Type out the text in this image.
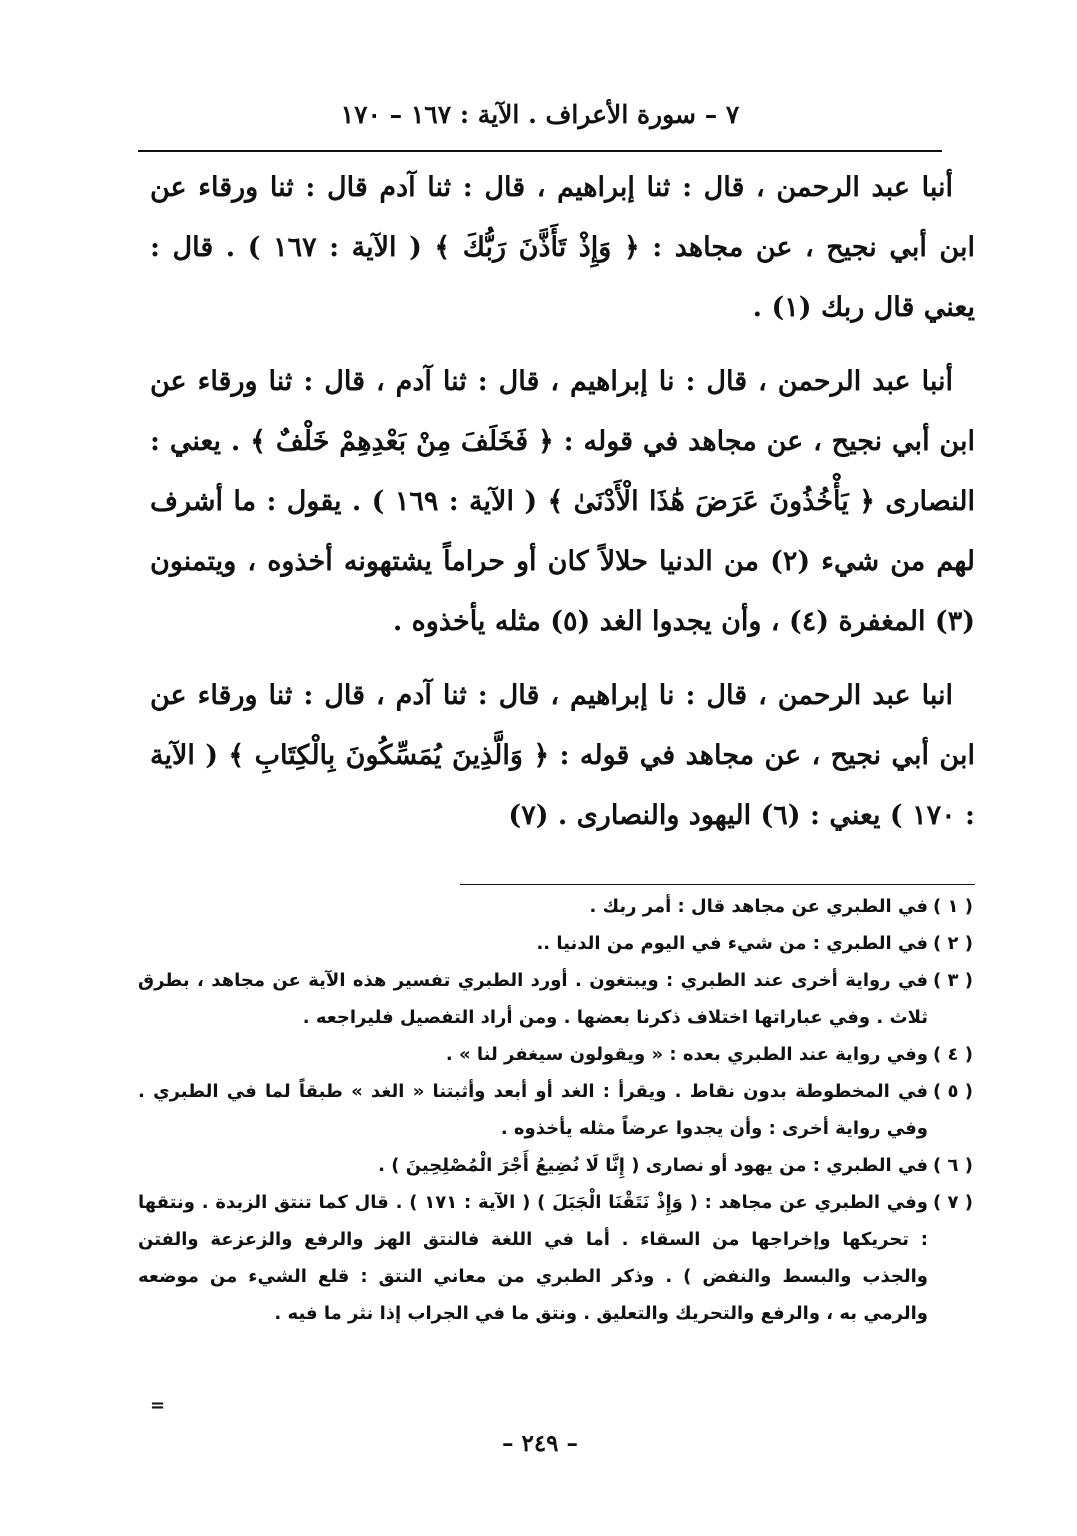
٧ – سورة الأعراف . الآية : ١٦٧ – ١٧٠

أنبا عبد الرحمن ، قال : ثنا إبراهيم ، قال : ثنا آدم قال : ثنا ورقاء عن ابن أبي نجيح ، عن مجاهد : ﴿ وَإِذْ تَأَذَّنَ رَبُّكَ ﴾ ( الآية : ١٦٧ ) . قال : يعني قال ربك (١) .

أنبا عبد الرحمن ، قال : نا إبراهيم ، قال : ثنا آدم ، قال : ثنا ورقاء عن ابن أبي نجيح ، عن مجاهد في قوله : ﴿ فَخَلَفَ مِنْ بَعْدِهِمْ خَلْفٌ ﴾ . يعني : النصارى ﴿ يَأْخُذُونَ عَرَضَ هَٰذَا الْأَدْنَىٰ ﴾ ( الآية : ١٦٩ ) . يقول : ما أشرف لهم من شيء (٢) من الدنيا حلالاً كان أو حراماً يشتهونه أخذوه ، ويتمنون (٣) المغفرة (٤) ، وأن يجدوا الغد (٥) مثله يأخذوه .

انبا عبد الرحمن ، قال : نا إبراهيم ، قال : ثنا آدم ، قال : ثنا ورقاء عن ابن أبي نجيح ، عن مجاهد في قوله : ﴿ وَالَّذِينَ يُمَسِّكُونَ بِالْكِتَابِ ﴾ ( الآية : ١٧٠ ) يعني : (٦) اليهود والنصارى . (٧)

( ١ )
في الطبري عن مجاهد قال : أمر ربك .
( ٢ )
في الطبري : من شيء في اليوم من الدنيا ..
( ٣ )
في رواية أخرى عند الطبري : ويبتغون . أورد الطبري تفسير هذه الآية عن مجاهد ، بطرق ثلاث . وفي عباراتها اختلاف ذكرنا بعضها . ومن أراد التفصيل فليراجعه .
( ٤ )
وفي رواية عند الطبري بعده : « ويقولون سيغفر لنا » .
( ٥ )
في المخطوطة بدون نقاط . ويقرأ : الغد أو أبعد وأثبتنا « الغد » طبقاً لما في الطبري . وفي رواية أخرى : وأن يجدوا عرضاً مثله يأخذوه .
( ٦ )
في الطبري : من يهود أو نصارى ( إِنَّا لَا نُضِيعُ أَجْرَ الْمُصْلِحِينَ ) .
( ٧ )
وفي الطبري عن مجاهد : ( وَإِذْ نَتَقْنَا الْجَبَلَ ) ( الآية : ١٧١ ) . قال كما تنتق الزبدة . ونتقها : تحريكها وإخراجها من السقاء . أما في اللغة فالنتق الهز والرفع والزعزعة والفتن والجذب والبسط والنفض ) . وذكر الطبري من معاني النتق : قلع الشيء من موضعه والرمي به ، والرفع والتحريك والتعليق . ونتق ما في الجراب إذا نثر ما فيه .
=
– ٢٤٩ –
